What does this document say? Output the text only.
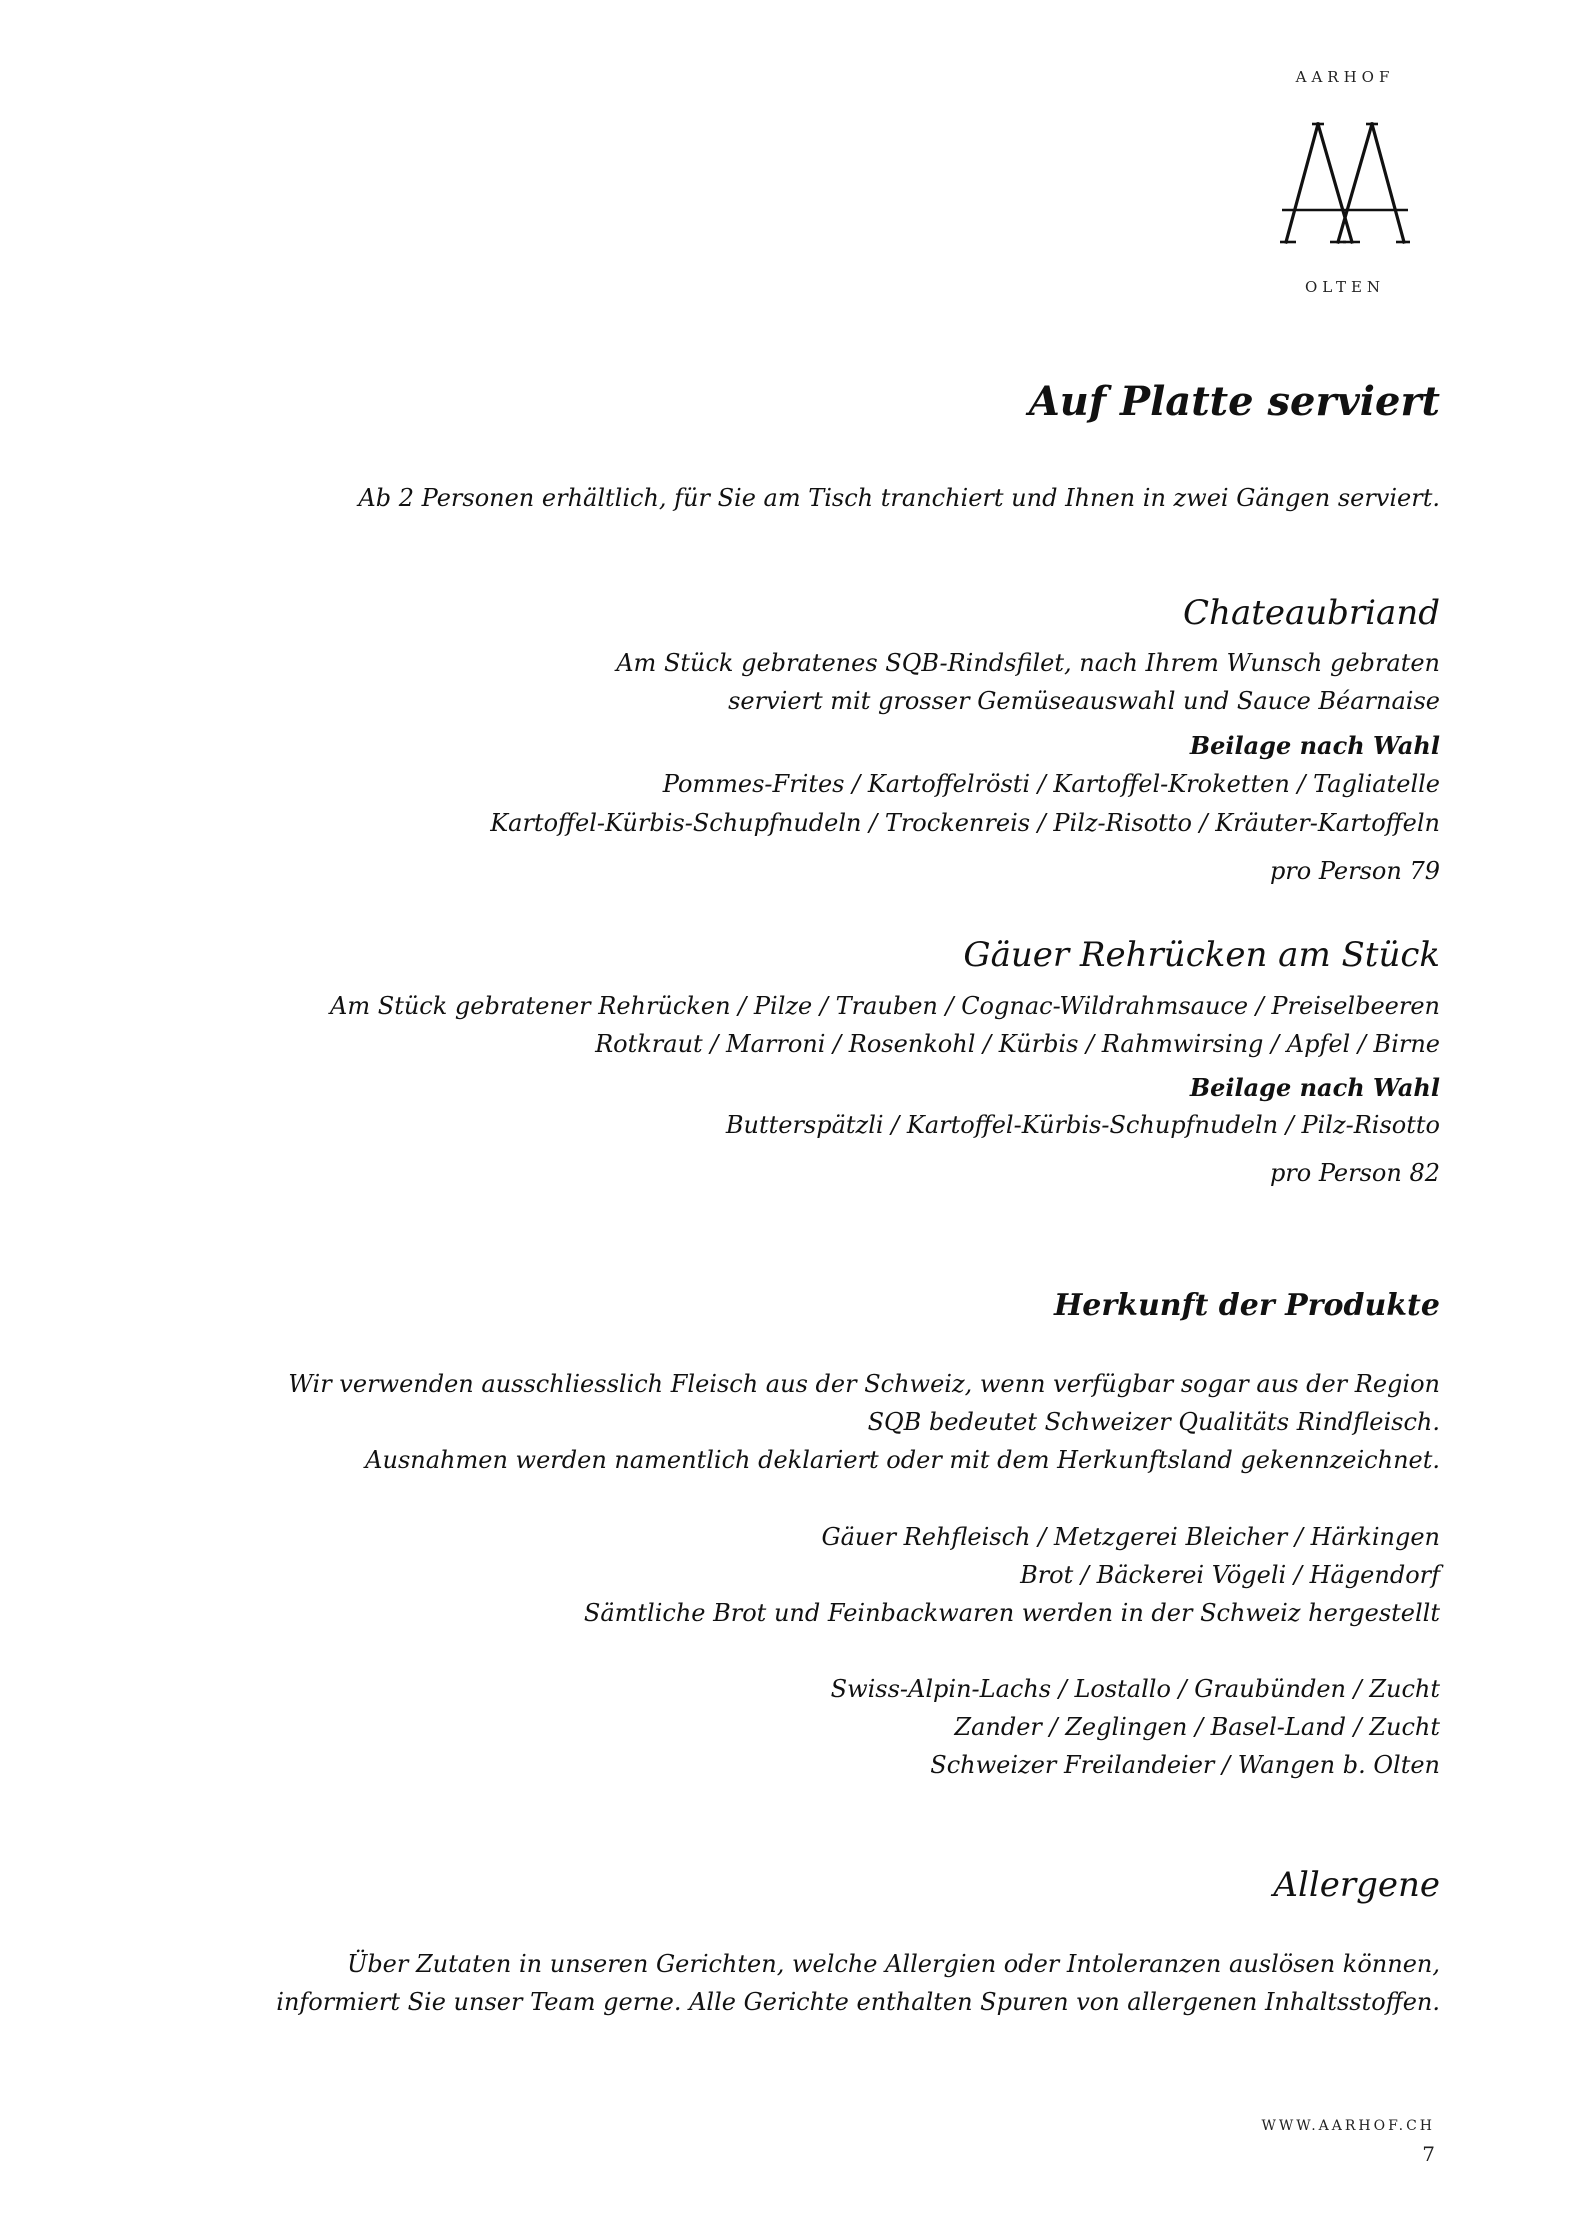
AARHOF
OLTEN
Auf Platte serviert
Ab 2 Personen erhältlich, für Sie am Tisch tranchiert und Ihnen in zwei Gängen serviert.
Chateaubriand
Am Stück gebratenes SQB-Rindsfilet, nach Ihrem Wunsch gebraten
serviert mit grosser Gemüseauswahl und Sauce Béarnaise
Beilage nach Wahl
Pommes-Frites / Kartoffelrösti / Kartoffel-Kroketten / Tagliatelle
Kartoffel-Kürbis-Schupfnudeln / Trockenreis / Pilz-Risotto / Kräuter-Kartoffeln
pro Person 79
Gäuer Rehrücken am Stück
Am Stück gebratener Rehrücken / Pilze / Trauben / Cognac-Wildrahmsauce / Preiselbeeren
Rotkraut / Marroni / Rosenkohl / Kürbis / Rahmwirsing / Apfel / Birne
Beilage nach Wahl
Butterspätzli / Kartoffel-Kürbis-Schupfnudeln / Pilz-Risotto
pro Person 82
Herkunft der Produkte
Wir verwenden ausschliesslich Fleisch aus der Schweiz, wenn verfügbar sogar aus der Region
SQB bedeutet Schweizer Qualitäts Rindfleisch.
Ausnahmen werden namentlich deklariert oder mit dem Herkunftsland gekennzeichnet.
Gäuer Rehfleisch / Metzgerei Bleicher / Härkingen
Brot / Bäckerei Vögeli / Hägendorf
Sämtliche Brot und Feinbackwaren werden in der Schweiz hergestellt
Swiss-Alpin-Lachs / Lostallo / Graubünden / Zucht
Zander / Zeglingen / Basel-Land / Zucht
Schweizer Freilandeier / Wangen b. Olten
Allergene
Über Zutaten in unseren Gerichten, welche Allergien oder Intoleranzen auslösen können,
informiert Sie unser Team gerne. Alle Gerichte enthalten Spuren von allergenen Inhaltsstoffen.
WWW.AARHOF.CH
7
